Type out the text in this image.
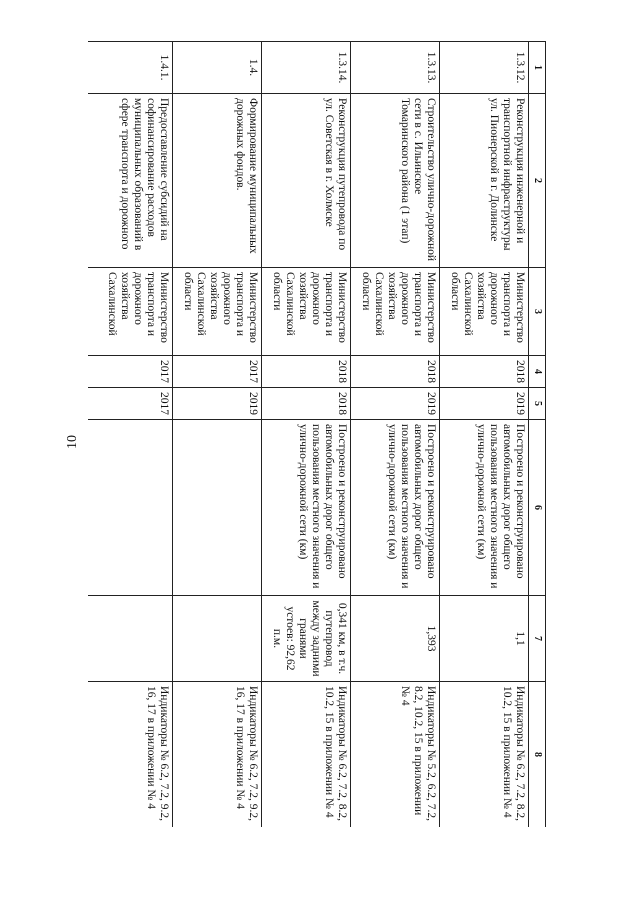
10
1	2	3	4	5	6	7	8
1.3.12.	Реконструкция инженерной и транспортной инфраструктуры ул. Пионерской в г. Долинске	Министерство транспорта и дорожного хозяйства Сахалинской области	2018	2019	Построено и реконструировано автомобильных дорог общего пользования местного значения и улично-дорожной сети (км)	1,1	Индикаторы № 6.2, 7.2, 8.2, 10.2, 15 в приложении № 4
1.3.13.	Строительство улично-дорожной сети в с. Ильинское Томаринского района (1 этап)	Министерство транспорта и дорожного хозяйства Сахалинской области	2018	2019	Построено и реконструировано автомобильных дорог общего пользования местного значения и улично-дорожной сети (км)	1,393	Индикаторы № 5.2, 6.2, 7.2, 8.2, 10.2, 15 в приложении № 4
1.3.14.	Реконструкция путепровода по ул. Советская в г. Холмске	Министерство транспорта и дорожного хозяйства Сахалинской области	2018	2018	Построено и реконструировано автомобильных дорог общего пользования местного значения и улично-дорожной сети (км)	0,341 км, в т.ч. путепровод между задними гранями устоев: 92,62 п.м.	Индикаторы № 6.2, 7.2, 8.2, 10.2, 15 в приложении № 4
1.4.	Формирование муниципальных дорожных фондов.	Министерство транспорта и дорожного хозяйства Сахалинской области	2017	2019			Индикаторы № 6.2, 7.2, 9.2, 16, 17 в приложении № 4
1.4.1.	Предоставление субсидий на софинансирование расходов муниципальных образований в сфере транспорта и дорожного	Министерство транспорта и дорожного хозяйства Сахалинской	2017	2017			Индикаторы № 6.2, 7.2, 9.2, 16, 17 в приложении № 4
